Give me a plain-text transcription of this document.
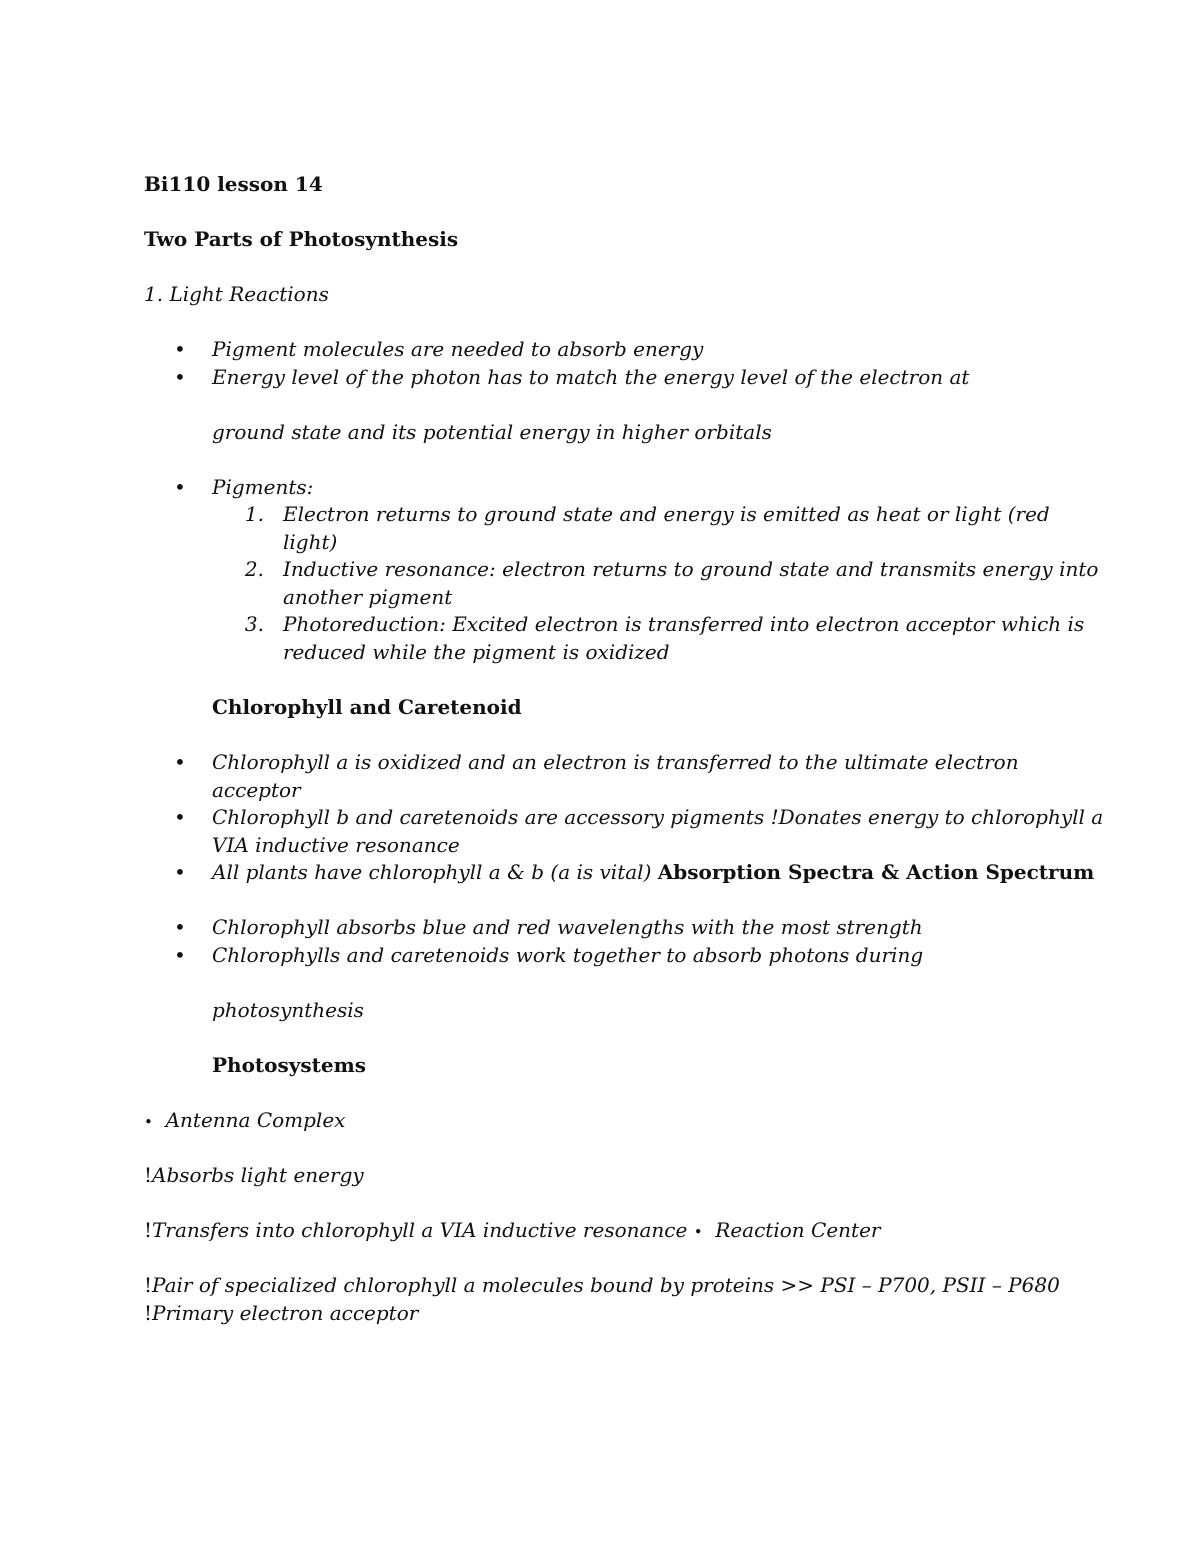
Bi110 lesson 14
Two Parts of Photosynthesis
1. Light Reactions
• Pigment molecules are needed to absorb energy
• Energy level of the photon has to match the energy level of the electron at
ground state and its potential energy in higher orbitals
• Pigments:
1. Electron returns to ground state and energy is emitted as heat or light (red
light)
2. Inductive resonance: electron returns to ground state and transmits energy into
another pigment
3. Photoreduction: Excited electron is transferred into electron acceptor which is
reduced while the pigment is oxidized
Chlorophyll and Caretenoid
• Chlorophyll a is oxidized and an electron is transferred to the ultimate electron
acceptor
• Chlorophyll b and caretenoids are accessory pigments !Donates energy to chlorophyll a
VIA inductive resonance
• All plants have chlorophyll a & b (a is vital) Absorption Spectra & Action Spectrum
• Chlorophyll absorbs blue and red wavelengths with the most strength
• Chlorophylls and caretenoids work together to absorb photons during
photosynthesis
Photosystems
• Antenna Complex
!Absorbs light energy
!Transfers into chlorophyll a VIA inductive resonance • Reaction Center
!Pair of specialized chlorophyll a molecules bound by proteins >> PSI – P700, PSII – P680
!Primary electron acceptor
